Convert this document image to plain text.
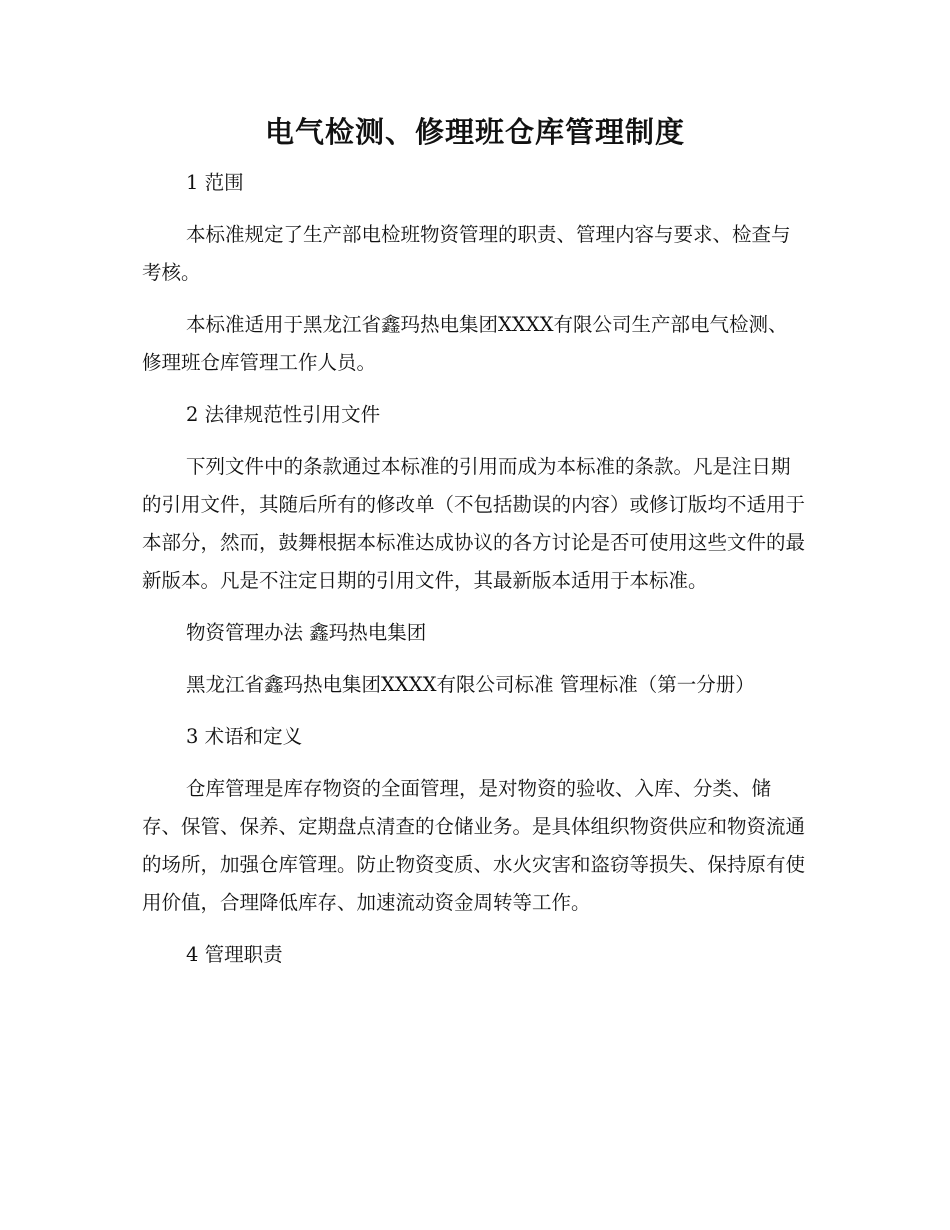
电气检测、修理班仓库管理制度

1 范围

本标准规定了生产部电检班物资管理的职责、管理内容与要求、检查与考核。

本标准适用于黑龙江省鑫玛热电集团XXXX有限公司生产部电气检测、修理班仓库管理工作人员。

2 法律规范性引用文件

下列文件中的条款通过本标准的引用而成为本标准的条款。凡是注日期的引用文件，其随后所有的修改单（不包括勘误的内容）或修订版均不适用于本部分，然而，鼓舞根据本标准达成协议的各方讨论是否可使用这些文件的最新版本。凡是不注定日期的引用文件，其最新版本适用于本标准。

物资管理办法 鑫玛热电集团

黑龙江省鑫玛热电集团XXXX有限公司标准 管理标准（第一分册）

3 术语和定义

仓库管理是库存物资的全面管理，是对物资的验收、入库、分类、储存、保管、保养、定期盘点清查的仓储业务。是具体组织物资供应和物资流通的场所，加强仓库管理。防止物资变质、水火灾害和盗窃等损失、保持原有使用价值，合理降低库存、加速流动资金周转等工作。

4 管理职责
